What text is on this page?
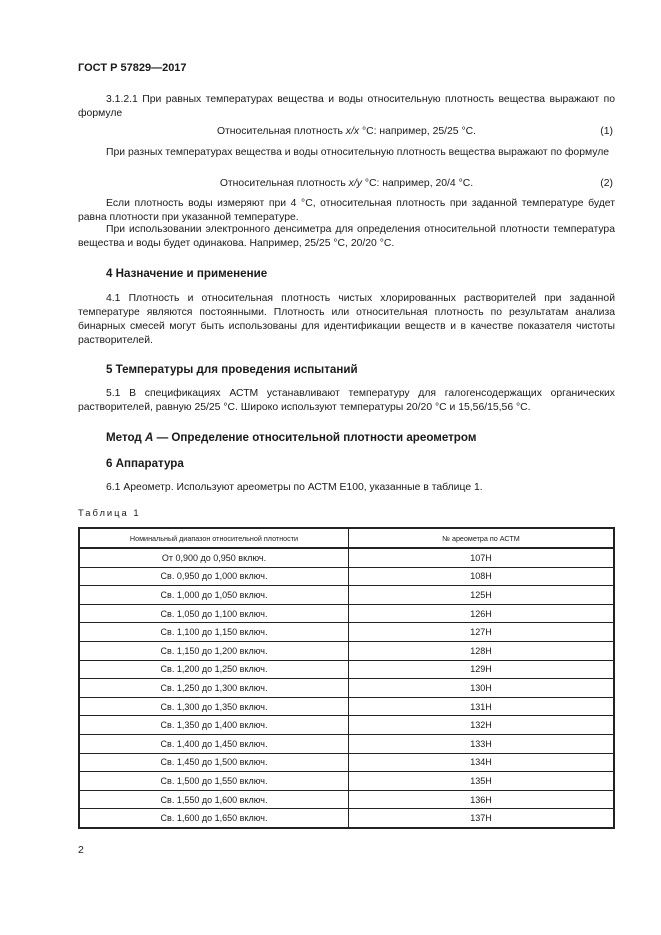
ГОСТ Р 57829—2017

3.1.2.1 При равных температурах вещества и воды относительную плотность вещества выражают по формуле

Относительная плотность x/x °С: например, 25/25 °С.	(1)

При разных температурах вещества и воды относительную плотность вещества выражают по формуле

Относительная плотность x/y °С: например, 20/4 °С.	(2)

Если плотность воды измеряют при 4 °С, относительная плотность при заданной температуре будет равна плотности при указанной температуре.

При использовании электронного денсиметра для определения относительной плотности температура вещества и воды будет одинакова. Например, 25/25 °С, 20/20 °С.

4 Назначение и применение

4.1 Плотность и относительная плотность чистых хлорированных растворителей при заданной температуре являются постоянными. Плотность или относительная плотность по результатам анализа бинарных смесей могут быть использованы для идентификации веществ и в качестве показателя чистоты растворителей.

5 Температуры для проведения испытаний

5.1 В спецификациях АСТМ устанавливают температуру для галогенсодержащих органических растворителей, равную 25/25 °С. Широко используют температуры 20/20 °С и 15,56/15,56 °С.

Метод А — Определение относительной плотности ареометром
6 Аппаратура

6.1 Ареометр. Используют ареометры по АСТМ Е100, указанные в таблице 1.

Таблица 1
Номинальный диапазон относительной плотности	№ ареометра по АСТМ
От 0,900 до 0,950 включ.	107Н
Св. 0,950 до 1,000 включ.	108Н
Св. 1,000 до 1,050 включ.	125Н
Св. 1,050 до 1,100 включ.	126Н
Св. 1,100 до 1,150 включ.	127Н
Св. 1,150 до 1,200 включ.	128Н
Св. 1,200 до 1,250 включ.	129Н
Св. 1,250 до 1,300 включ.	130Н
Св. 1,300 до 1,350 включ.	131Н
Св. 1,350 до 1,400 включ.	132Н
Св. 1,400 до 1,450 включ.	133Н
Св. 1,450 до 1,500 включ.	134Н
Св. 1,500 до 1,550 включ.	135Н
Св. 1,550 до 1,600 включ.	136Н
Св. 1,600 до 1,650 включ.	137Н
2
